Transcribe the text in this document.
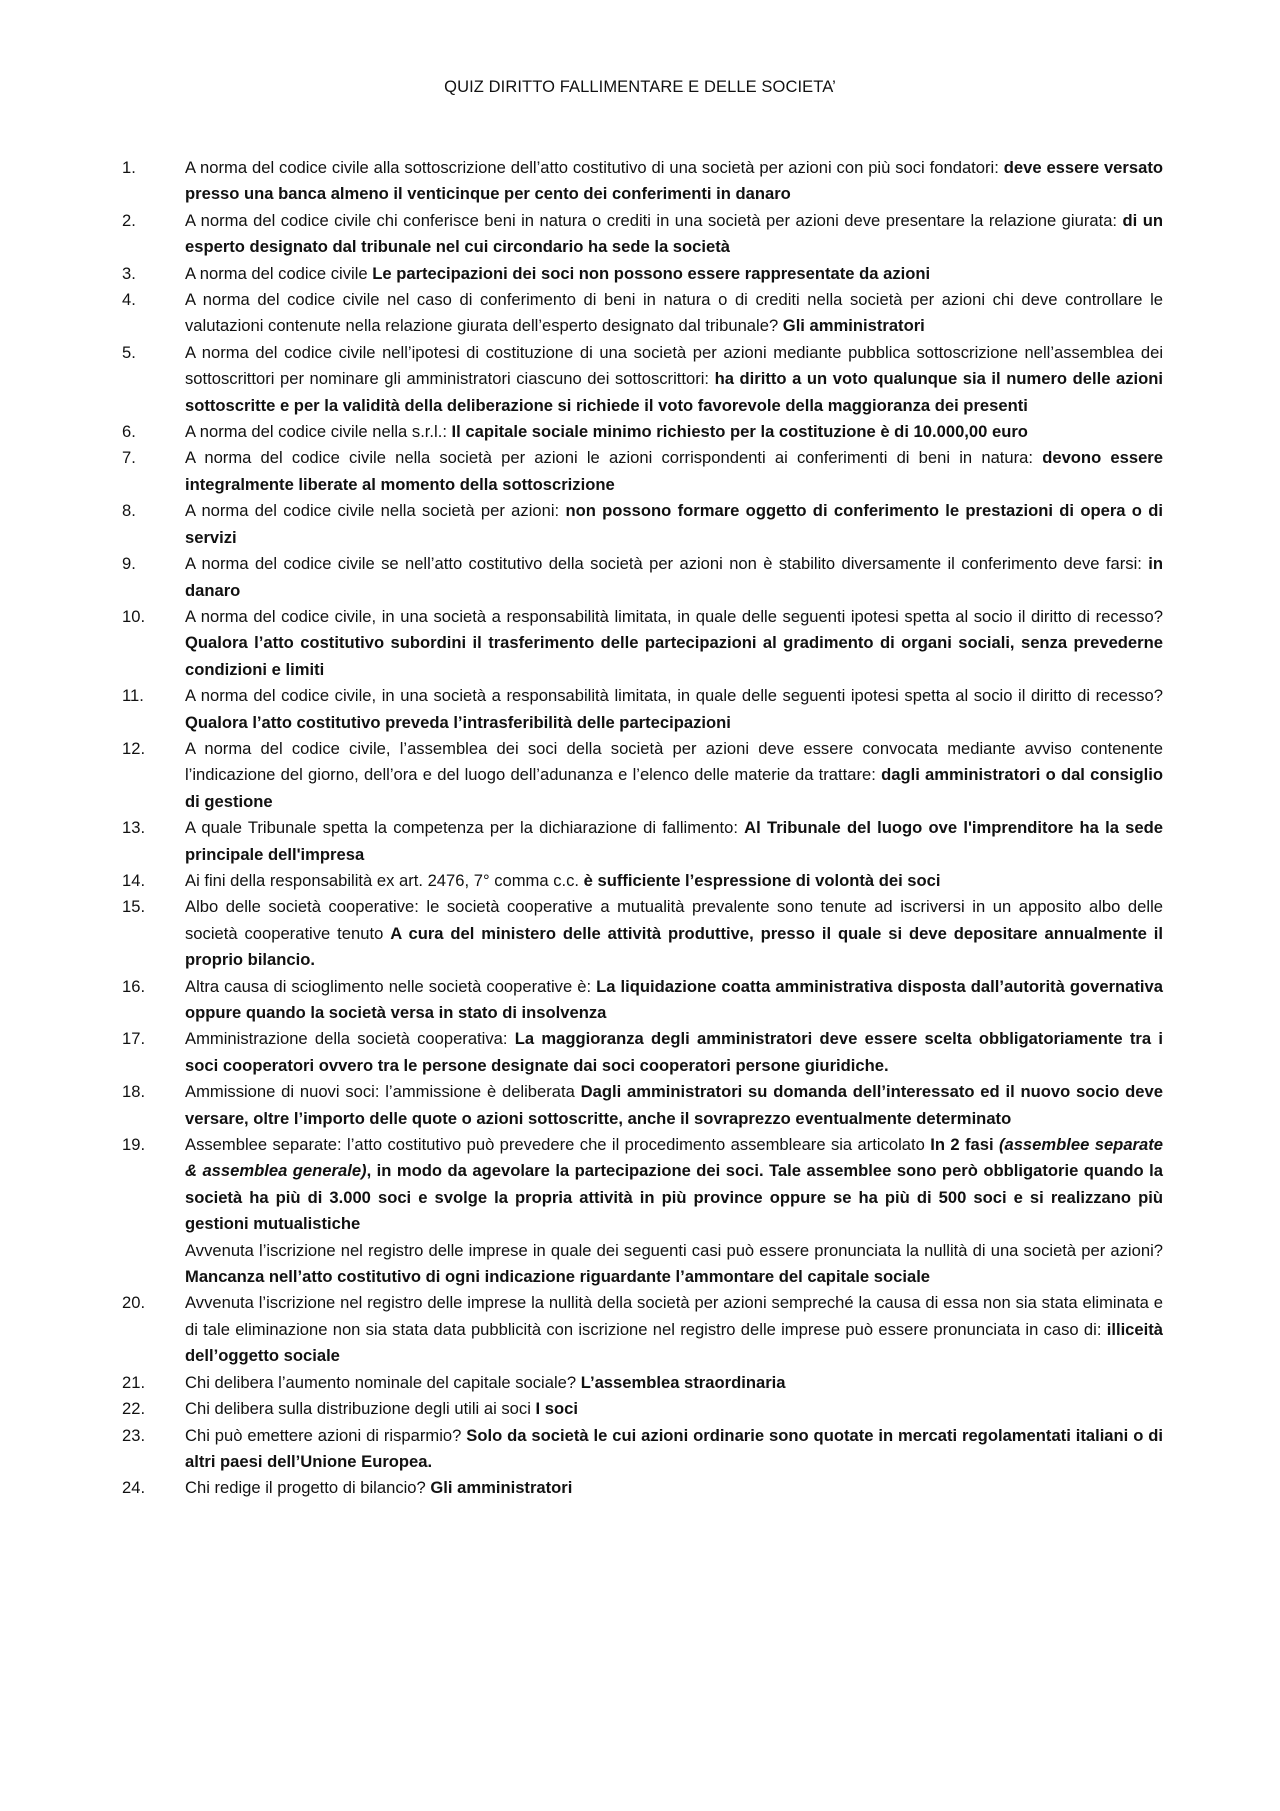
QUIZ DIRITTO FALLIMENTARE E DELLE SOCIETA’
1.	A norma del codice civile alla sottoscrizione dell’atto costitutivo di una società per azioni con più soci fondatori: deve essere versato presso una banca almeno il venticinque per cento dei conferimenti in danaro
2.	A norma del codice civile chi conferisce beni in natura o crediti in una società per azioni deve presentare la relazione giurata: di un esperto designato dal tribunale nel cui circondario ha sede la società
3.	A norma del codice civile Le partecipazioni dei soci non possono essere rappresentate da azioni
4.	A norma del codice civile nel caso di conferimento di beni in natura o di crediti nella società per azioni chi deve controllare le valutazioni contenute nella relazione giurata dell’esperto designato dal tribunale? Gli amministratori
5.	A norma del codice civile nell’ipotesi di costituzione di una società per azioni mediante pubblica sottoscrizione nell’assemblea dei sottoscrittori per nominare gli amministratori ciascuno dei sottoscrittori: ha diritto a un voto qualunque sia il numero delle azioni sottoscritte e per la validità della deliberazione si richiede il voto favorevole della maggioranza dei presenti
6.	A norma del codice civile nella s.r.l.: Il capitale sociale minimo richiesto per la costituzione è di 10.000,00 euro
7.	A norma del codice civile nella società per azioni le azioni corrispondenti ai conferimenti di beni in natura: devono essere integralmente liberate al momento della sottoscrizione
8.	A norma del codice civile nella società per azioni: non possono formare oggetto di conferimento le prestazioni di opera o di servizi
9.	A norma del codice civile se nell’atto costitutivo della società per azioni non è stabilito diversamente il conferimento deve farsi: in danaro
10. A norma del codice civile, in una società a responsabilità limitata, in quale delle seguenti ipotesi spetta al socio il diritto di recesso? Qualora l’atto costitutivo subordini il trasferimento delle partecipazioni al gradimento di organi sociali, senza prevederne condizioni e limiti
11. A norma del codice civile, in una società a responsabilità limitata, in quale delle seguenti ipotesi spetta al socio il diritto di recesso? Qualora l’atto costitutivo preveda l’intrasferibilità delle partecipazioni
12. A norma del codice civile, l’assemblea dei soci della società per azioni deve essere convocata mediante avviso contenente l’indicazione del giorno, dell’ora e del luogo dell’adunanza e l’elenco delle materie da trattare: dagli amministratori o dal consiglio di gestione
13. A quale Tribunale spetta la competenza per la dichiarazione di fallimento: Al Tribunale del luogo ove l'imprenditore ha la sede principale dell'impresa
14. Ai fini della responsabilità ex art. 2476, 7° comma c.c. è sufficiente l’espressione di volontà dei soci
15. Albo delle società cooperative: le società cooperative a mutualità prevalente sono tenute ad iscriversi in un apposito albo delle società cooperative tenuto A cura del ministero delle attività produttive, presso il quale si deve depositare annualmente il proprio bilancio.
16. Altra causa di scioglimento nelle società cooperative è: La liquidazione coatta amministrativa disposta dall’autorità governativa oppure quando la società versa in stato di insolvenza
17. Amministrazione della società cooperativa: La maggioranza degli amministratori deve essere scelta obbligatoriamente tra i soci cooperatori ovvero tra le persone designate dai soci cooperatori persone giuridiche.
18. Ammissione di nuovi soci: l’ammissione è deliberata Dagli amministratori su domanda dell’interessato ed il nuovo socio deve versare, oltre l’importo delle quote o azioni sottoscritte, anche il sovraprezzo eventualmente determinato
19. Assemblee separate: l’atto costitutivo può prevedere che il procedimento assembleare sia articolato In 2 fasi (assemblee separate & assemblea generale), in modo da agevolare la partecipazione dei soci. Tale assemblee sono però obbligatorie quando la società ha più di 3.000 soci e svolge la propria attività in più province oppure se ha più di 500 soci e si realizzano più gestioni mutualistiche
Avvenuta l’iscrizione nel registro delle imprese in quale dei seguenti casi può essere pronunciata la nullità di una società per azioni? Mancanza nell’atto costitutivo di ogni indicazione riguardante l’ammontare del capitale sociale
20. Avvenuta l’iscrizione nel registro delle imprese la nullità della società per azioni sempreché la causa di essa non sia stata eliminata e di tale eliminazione non sia stata data pubblicità con iscrizione nel registro delle imprese può essere pronunciata in caso di: illiceità dell’oggetto sociale
21. Chi delibera l’aumento nominale del capitale sociale? L’assemblea straordinaria
22. Chi delibera sulla distribuzione degli utili ai soci I soci
23. Chi può emettere azioni di risparmio? Solo da società le cui azioni ordinarie sono quotate in mercati regolamentati italiani o di altri paesi dell’Unione Europea.
24. Chi redige il progetto di bilancio? Gli amministratori
